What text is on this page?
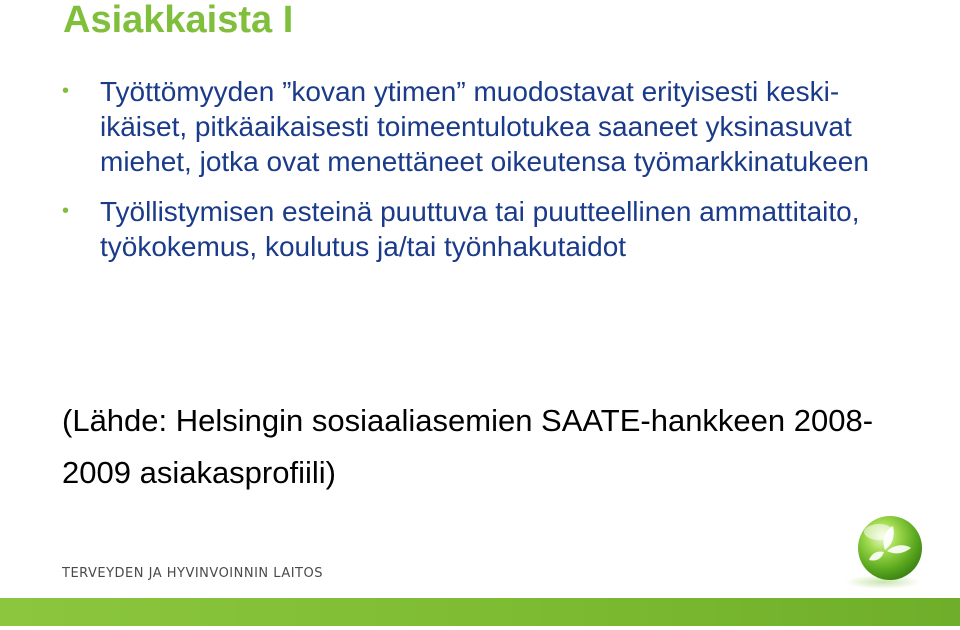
Asiakkaista I
•	Työttömyyden ”kovan ytimen” muodostavat erityisesti keski-ikäiset, pitkäaikaisesti toimeentulotukea saaneet yksinasuvat miehet, jotka ovat menettäneet oikeutensa työmarkkinatukeen
•	Työllistymisen esteinä puuttuva tai puutteellinen ammattitaito, työkokemus, koulutus ja/tai työnhakutaidot

(Lähde: Helsingin sosiaaliasemien SAATE-hankkeen 2008-2009 asiakasprofiili)

TERVEYDEN JA HYVINVOINNIN LAITOS
